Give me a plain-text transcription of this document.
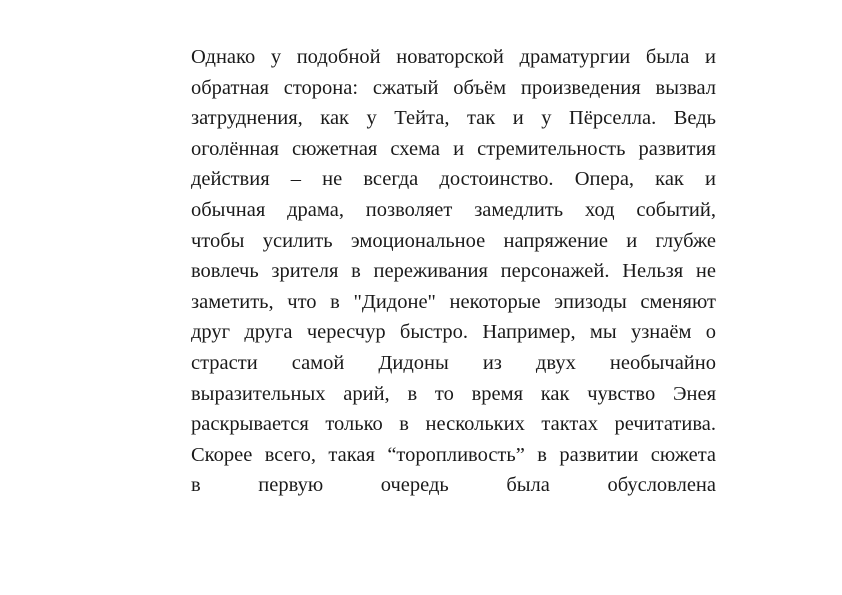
Однако у подобной новаторской драматургии была и
обратная сторона: сжатый объём произведения вызвал
затруднения, как у Тейта, так и у Пёрселла. Ведь
оголённая сюжетная схема и стремительность развития
действия – не всегда достоинство. Опера, как и
обычная драма, позволяет замедлить ход событий,
чтобы усилить эмоциональное напряжение и глубже
вовлечь зрителя в переживания персонажей. Нельзя не
заметить, что в "Дидоне" некоторые эпизоды сменяют
друг друга чересчур быстро. Например, мы узнаём о
страсти самой Дидоны из двух необычайно
выразительных арий, в то время как чувство Энея
раскрывается только в нескольких тактах речитатива.
Скорее всего, такая “торопливость” в развитии сюжета
в первую очередь была обусловлена
